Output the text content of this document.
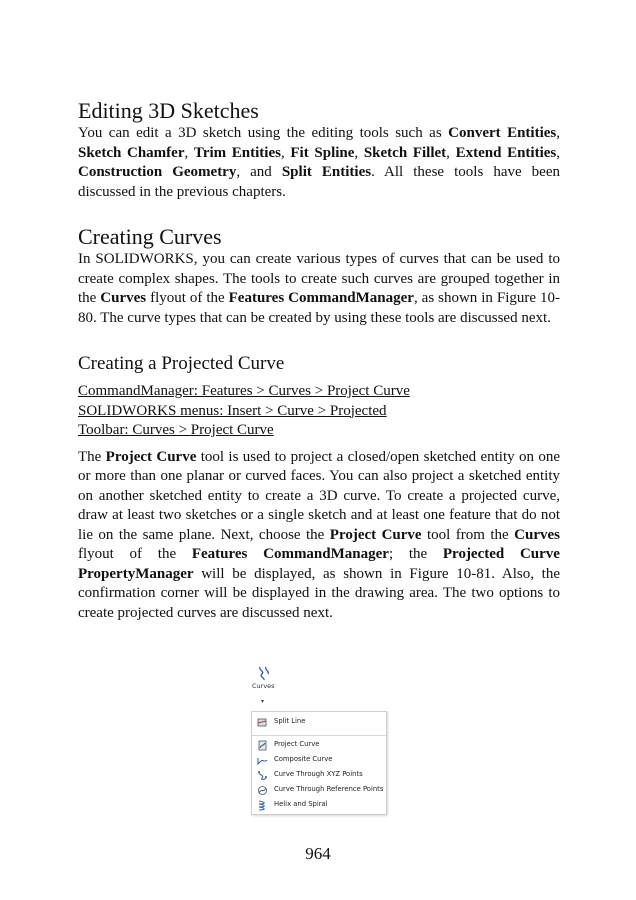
Editing 3D Sketches

You can edit a 3D sketch using the editing tools such as Convert Entities, Sketch Chamfer, Trim Entities, Fit Spline, Sketch Fillet, Extend Entities, Construction Geometry, and Split Entities. All these tools have been discussed in the previous chapters.

Creating Curves

In SOLIDWORKS, you can create various types of curves that can be used to create complex shapes. The tools to create such curves are grouped together in the Curves flyout of the Features CommandManager, as shown in Figure 10-80. The curve types that can be created by using these tools are discussed next.

Creating a Projected Curve
CommandManager: Features > Curves > Project Curve
SOLIDWORKS menus: Insert > Curve > Projected
Toolbar: Curves > Project Curve

The Project Curve tool is used to project a closed/open sketched entity on one or more than one planar or curved faces. You can also project a sketched entity on another sketched entity to create a 3D curve. To create a projected curve, draw at least two sketches or a single sketch and at least one feature that do not lie on the same plane. Next, choose the Project Curve tool from the Curves flyout of the Features CommandManager; the Projected Curve PropertyManager will be displayed, as shown in Figure 10-81. Also, the confirmation corner will be displayed in the drawing area. The two options to create projected curves are discussed next.

Curves
▾
Split Line
Project Curve
Composite Curve
Curve Through XYZ Points
Curve Through Reference Points
Helix and Spiral
964
